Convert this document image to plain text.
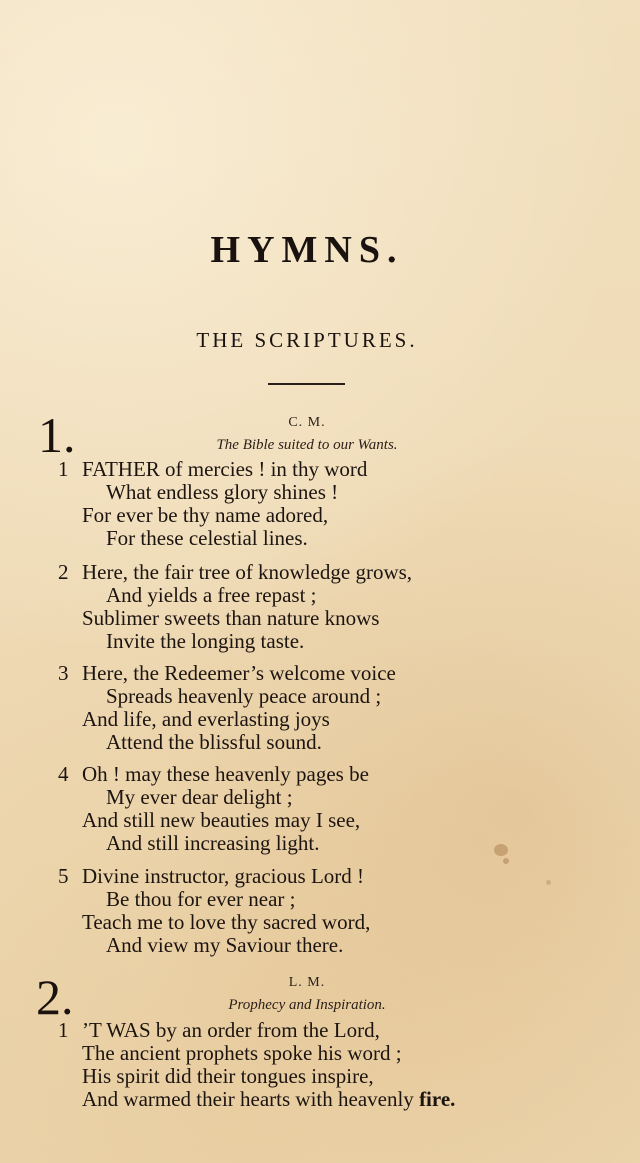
HYMNS.
THE SCRIPTURES.
1.	C. M.
The Bible suited to our Wants.
1 FATHER of mercies ! in thy word
What endless glory shines !
For ever be thy name adored,
For these celestial lines.
2 Here, the fair tree of knowledge grows,
And yields a free repast ;
Sublimer sweets than nature knows
Invite the longing taste.
3 Here, the Redeemer’s welcome voice
Spreads heavenly peace around ;
And life, and everlasting joys
Attend the blissful sound.
4 Oh ! may these heavenly pages be
My ever dear delight ;
And still new beauties may I see,
And still increasing light.
5 Divine instructor, gracious Lord !
Be thou for ever near ;
Teach me to love thy sacred word,
And view my Saviour there.
2.	L. M.
Prophecy and Inspiration.
1 ’T WAS by an order from the Lord,
The ancient prophets spoke his word ;
His spirit did their tongues inspire,
And warmed their hearts with heavenly fire.
